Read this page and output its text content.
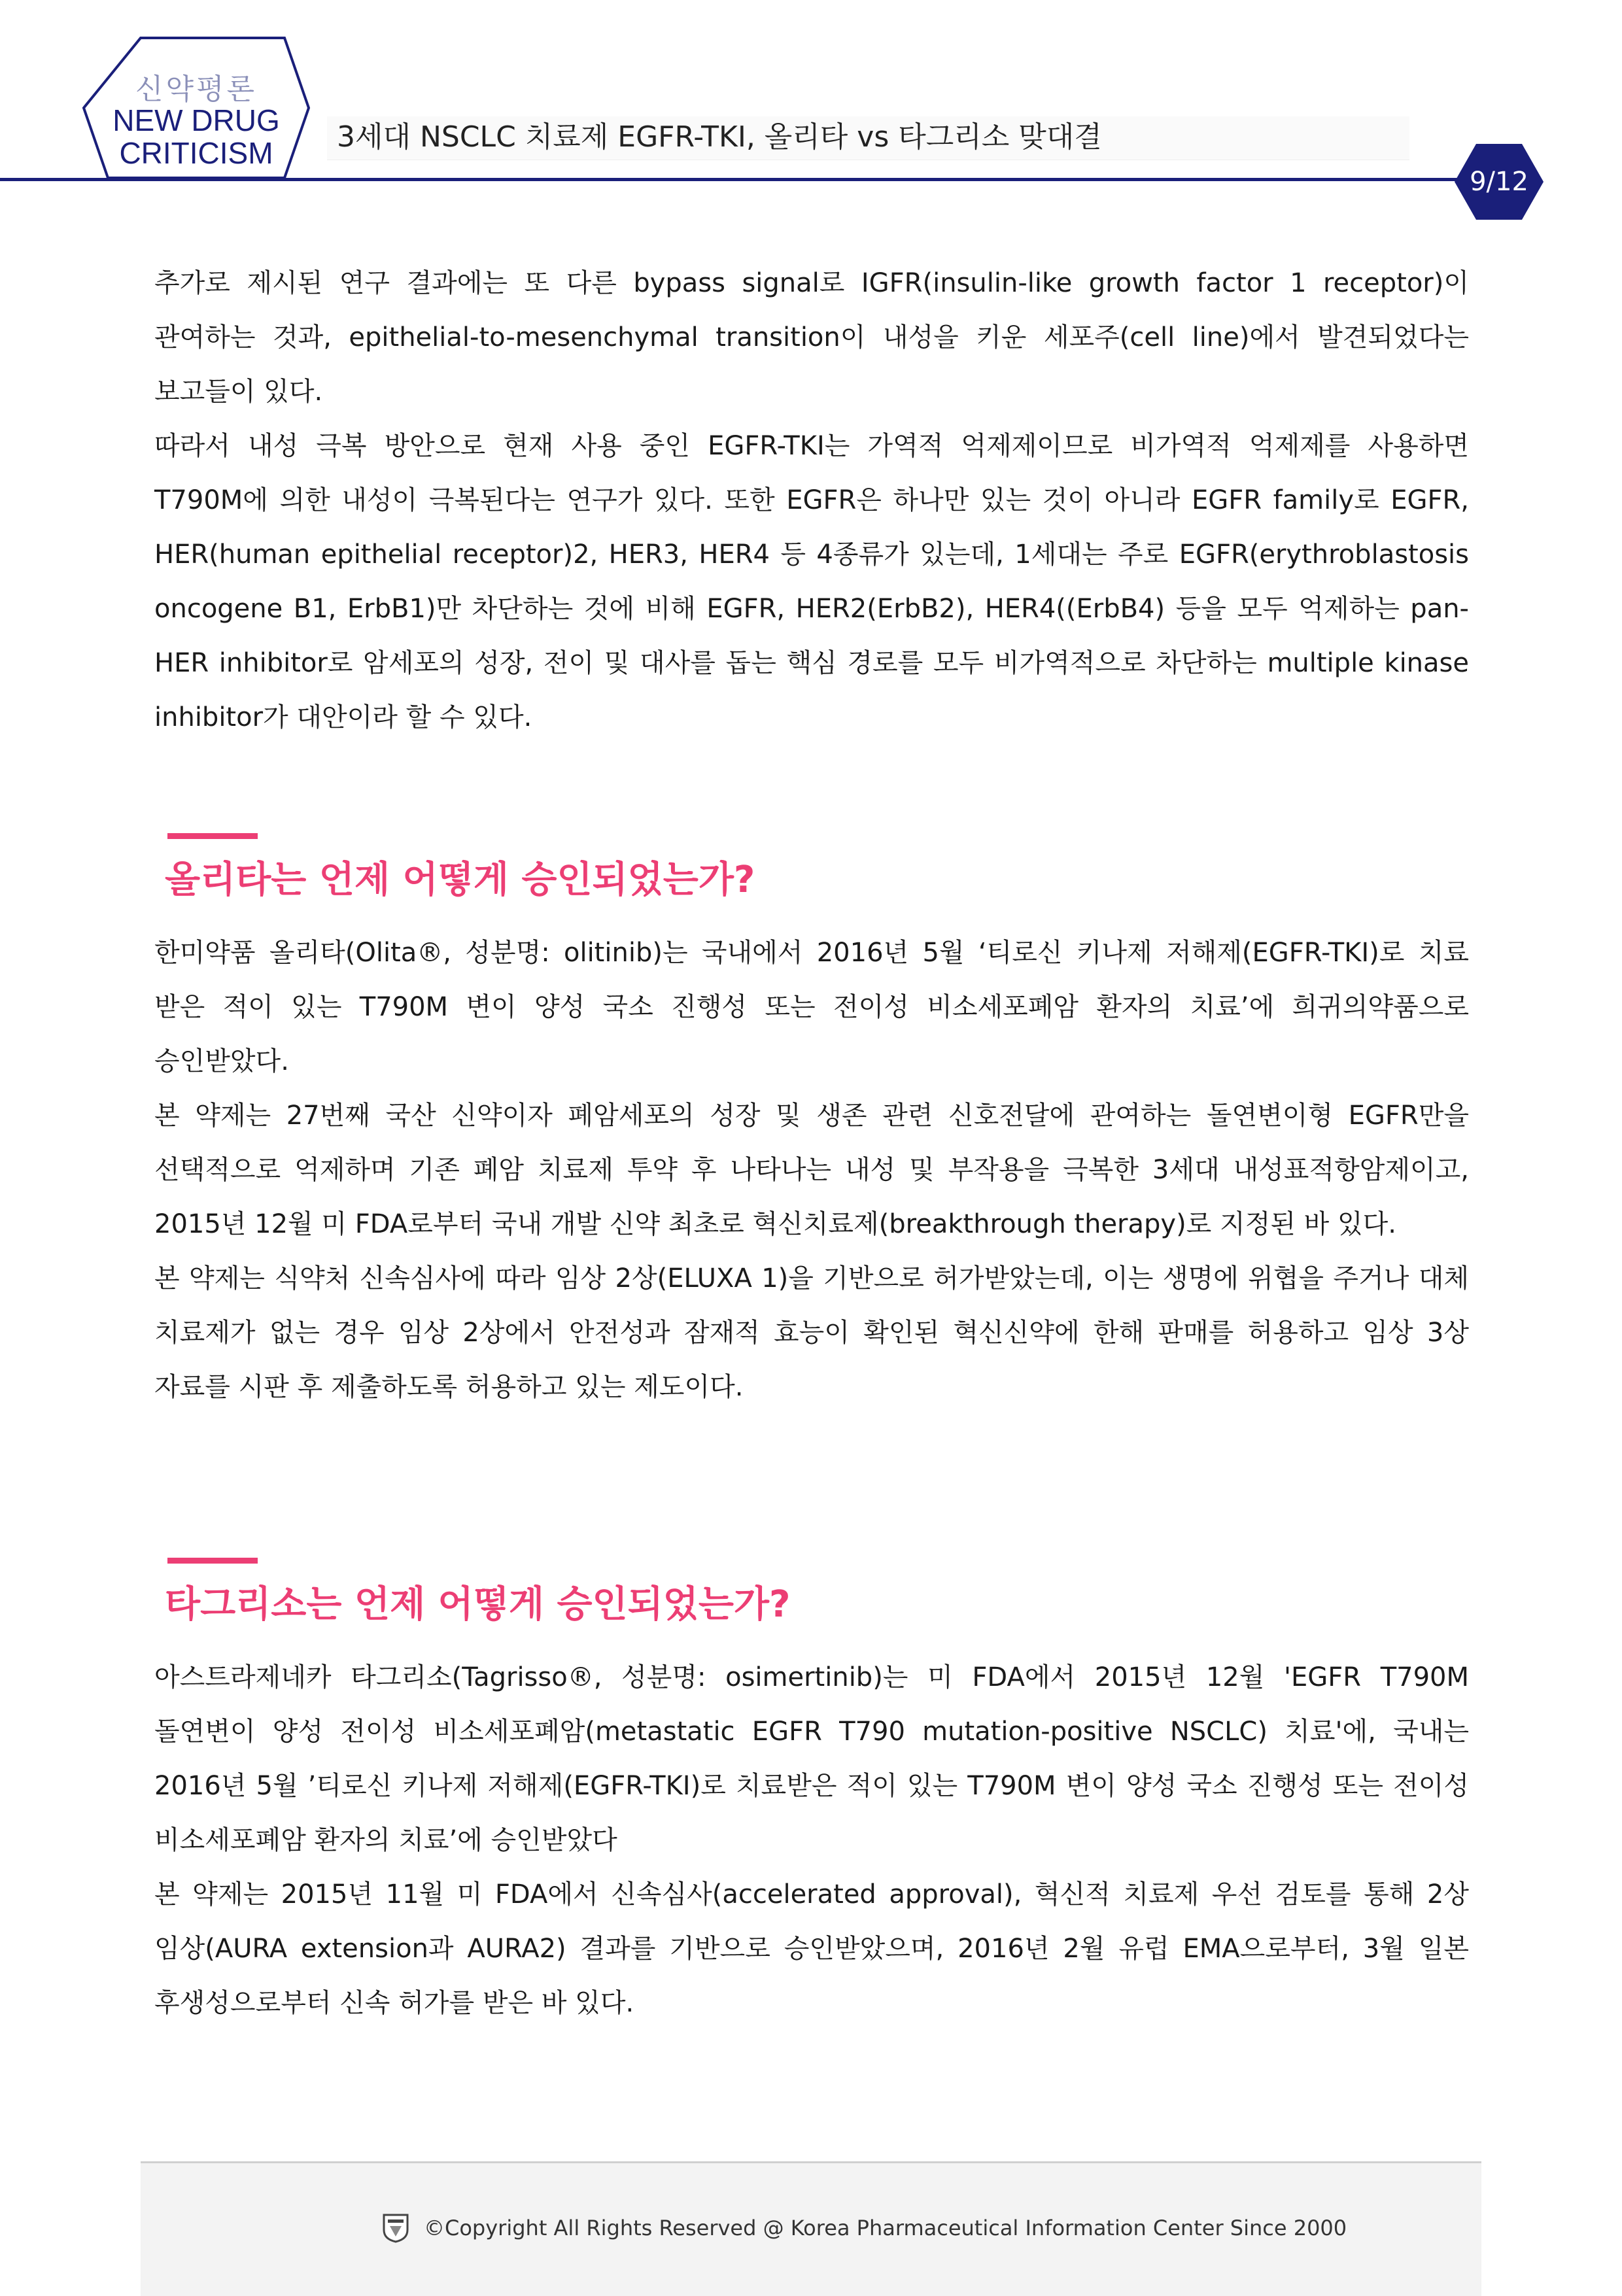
신약평론
NEW DRUG
CRITICISM	3세대 NSCLC 치료제 EGFR-TKI, 올리타 vs 타그리소 맞대결
9/12

추가로 제시된 연구 결과에는 또 다른 bypass signal로 IGFR(insulin-like growth factor 1 receptor)이 관여하는 것과, epithelial-to-mesenchymal transition이 내성을 키운 세포주(cell line)에서 발견되었다는 보고들이 있다.

따라서 내성 극복 방안으로 현재 사용 중인 EGFR-TKI는 가역적 억제제이므로 비가역적 억제제를 사용하면 T790M에 의한 내성이 극복된다는 연구가 있다. 또한 EGFR은 하나만 있는 것이 아니라 EGFR family로 EGFR, HER(human epithelial receptor)2, HER3, HER4 등 4종류가 있는데, 1세대는 주로 EGFR(erythroblastosis oncogene B1, ErbB1)만 차단하는 것에 비해 EGFR, HER2(ErbB2), HER4((ErbB4) 등을 모두 억제하는 pan-HER inhibitor로 암세포의 성장, 전이 및 대사를 돕는 핵심 경로를 모두 비가역적으로 차단하는 multiple kinase inhibitor가 대안이라 할 수 있다.

올리타는 언제 어떻게 승인되었는가?

한미약품 올리타(Olita®, 성분명: olitinib)는 국내에서 2016년 5월 ‘티로신 키나제 저해제(EGFR-TKI)로 치료 받은 적이 있는 T790M 변이 양성 국소 진행성 또는 전이성 비소세포폐암 환자의 치료’에 희귀의약품으로 승인받았다.

본 약제는 27번째 국산 신약이자 폐암세포의 성장 및 생존 관련 신호전달에 관여하는 돌연변이형 EGFR만을 선택적으로 억제하며 기존 폐암 치료제 투약 후 나타나는 내성 및 부작용을 극복한 3세대 내성표적항암제이고, 2015년 12월 미 FDA로부터 국내 개발 신약 최초로 혁신치료제(breakthrough therapy)로 지정된 바 있다.

본 약제는 식약처 신속심사에 따라 임상 2상(ELUXA 1)을 기반으로 허가받았는데, 이는 생명에 위협을 주거나 대체 치료제가 없는 경우 임상 2상에서 안전성과 잠재적 효능이 확인된 혁신신약에 한해 판매를 허용하고 임상 3상 자료를 시판 후 제출하도록 허용하고 있는 제도이다.

타그리소는 언제 어떻게 승인되었는가?

아스트라제네카 타그리소(Tagrisso®, 성분명: osimertinib)는 미 FDA에서 2015년 12월 'EGFR T790M 돌연변이 양성 전이성 비소세포폐암(metastatic EGFR T790 mutation-positive NSCLC) 치료'에, 국내는 2016년 5월 ’티로신 키나제 저해제(EGFR-TKI)로 치료받은 적이 있는 T790M 변이 양성 국소 진행성 또는 전이성 비소세포폐암 환자의 치료’에 승인받았다

본 약제는 2015년 11월 미 FDA에서 신속심사(accelerated approval), 혁신적 치료제 우선 검토를 통해 2상 임상(AURA extension과 AURA2) 결과를 기반으로 승인받았으며, 2016년 2월 유럽 EMA으로부터, 3월 일본 후생성으로부터 신속 허가를 받은 바 있다.

©Copyright All Rights Reserved @ Korea Pharmaceutical Information Center Since 2000
